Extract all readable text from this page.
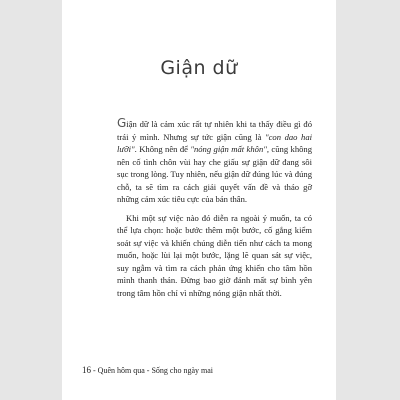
Giận dữ

Giận dữ là cảm xúc rất tự nhiên khi ta thấy điều gì đó trái ý mình. Nhưng sự tức giận cũng là "con dao hai lưỡi". Không nên để "nóng giận mất khôn", cũng không nên cố tình chôn vùi hay che giấu sự giận dữ đang sôi sục trong lòng. Tuy nhiên, nếu giận dữ đúng lúc và đúng chỗ, ta sẽ tìm ra cách giải quyết vấn đề và tháo gỡ những cảm xúc tiêu cực của bản thân.

Khi một sự việc nào đó diễn ra ngoài ý muốn, ta có thể lựa chọn: hoặc bước thêm một bước, cố gắng kiểm soát sự việc và khiến chúng diễn tiến như cách ta mong muốn, hoặc lùi lại một bước, lặng lẽ quan sát sự việc, suy ngẫm và tìm ra cách phản ứng khiến cho tâm hồn mình thanh thản. Đừng bao giờ đánh mất sự bình yên trong tâm hồn chỉ vì những nóng giận nhất thời.

16 - Quên hôm qua - Sống cho ngày mai
